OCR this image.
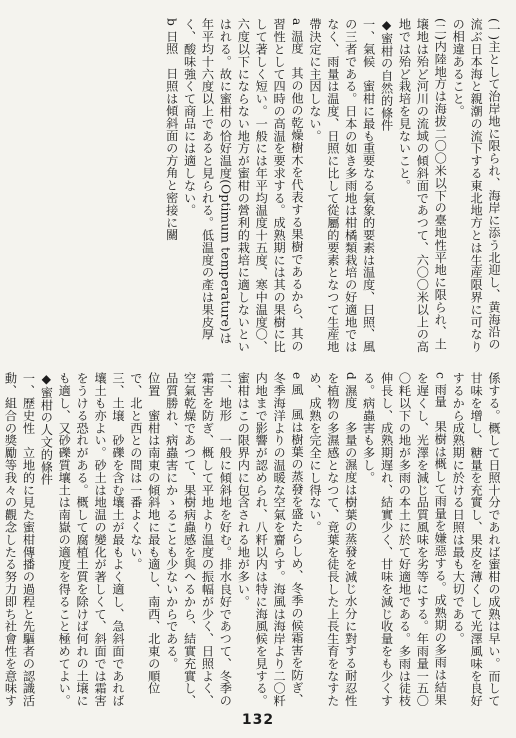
(一)主として治岸地に限られ、海岸に添う北迎し、黄海沿の流ぶ日本海と親潮の流下する東北地方とは生産限界に可なりの相違あること。
(二)内陸地方は海拔二〇〇米以下の臺地性平地に限られ、土壌地は殆ど河川の流域の傾斜面であつて、六〇〇米以上の高地では殆ど栽培を見ないこと。
◆蜜柑の自然的條件
一、氣候　蜜柑に最も重要なる氣象的要素は温度、日照、風の三者である。日本の如き多雨地は柑橘類栽培の好適地ではなく、雨量は温度、日照に比して從屬的要素となつて生産地帶決定に主因しない。
a 温度　其の他の乾燥樹木を代表する果樹であるから、其の習性として四時の高温を要求する。成熟期には其の果樹に比して著しく短い。一般には年平均温度十五度、寒中温度〇、六度以下にならない地方が蜜柑の營利的栽培に適しないといはれる。故に蜜柑の恰好温度(Optimum temperature)は年平均十六度以上であると見られる。低温度の產は果皮厚く、酸味強くて商品には適しない。
b 日照　日照は傾斜面の方角と密接に關
係する。概して日照十分であれば蜜柑の成熟は早い。而して甘味を增し、糖量を充實し、果皮を薄くして光澤風味を良好するから成熟期に於ける日照は最も大切である。
c 雨量　果樹は概して雨量を嫌惡する。成熟期の多雨は結果を遅くし、光澤を減じ品質風味を劣等にする。年雨量一五〇〇粍以下の地が多雨の本土に於て好適地である。多雨は徒枝伸長し、成熟期遅れ、結實少く、甘味を減じ收量をも少くする。病蟲害も多し。
d 濕度　多量の濕度は樹葉の蒸發を減じ水分に對する耐忍性を植物の多濕感となつて、竟葉を徒長した上長生育をなすため、成熟を完全にし得ない。
e 風　風は樹葉の蒸發を盛たらしめ、冬季の候霜害を防ぎ、冬季海洋よりの温暖な空氣を齎らす。海風は海岸より二〇粁内地まで影響が認められ、八粁以内は特に海風候を見する。蜜柑はこの限界内に包含される地が多い。
二、地形　一般に傾斜地を好む。排水良好であつて、冬季の霜害を防ぎ、概して平地より温度の振幅が少く、日照よく、空氣乾燥であつて、果樹病蟲感を與へるから、結實充實し、品質勝れ、病蟲害にかゝることも少ないからである。
位置　蜜柑は南東の傾斜地に最も適し、南西、北東の順位で、北と西との間は一番よくない。
三、土壌　砂礫を含む壤土が最もよく適し、急斜面であれば壤土も亦よい。砂土は地温の變化が著しくて、斜面では霜害をうける恐れがある。概して腐植土質を除けば何れの土壌にも適し、又砂礫質壤土は南嶽の適度を得ること極めてよい。
◆蜜柑の人文的條件
一、歷史性　立地的に見た蜜柑傳播の過程と先驅者の認識活動、組合の獎勵等我々の觀念したる努力即ち社會性を意味す

132
